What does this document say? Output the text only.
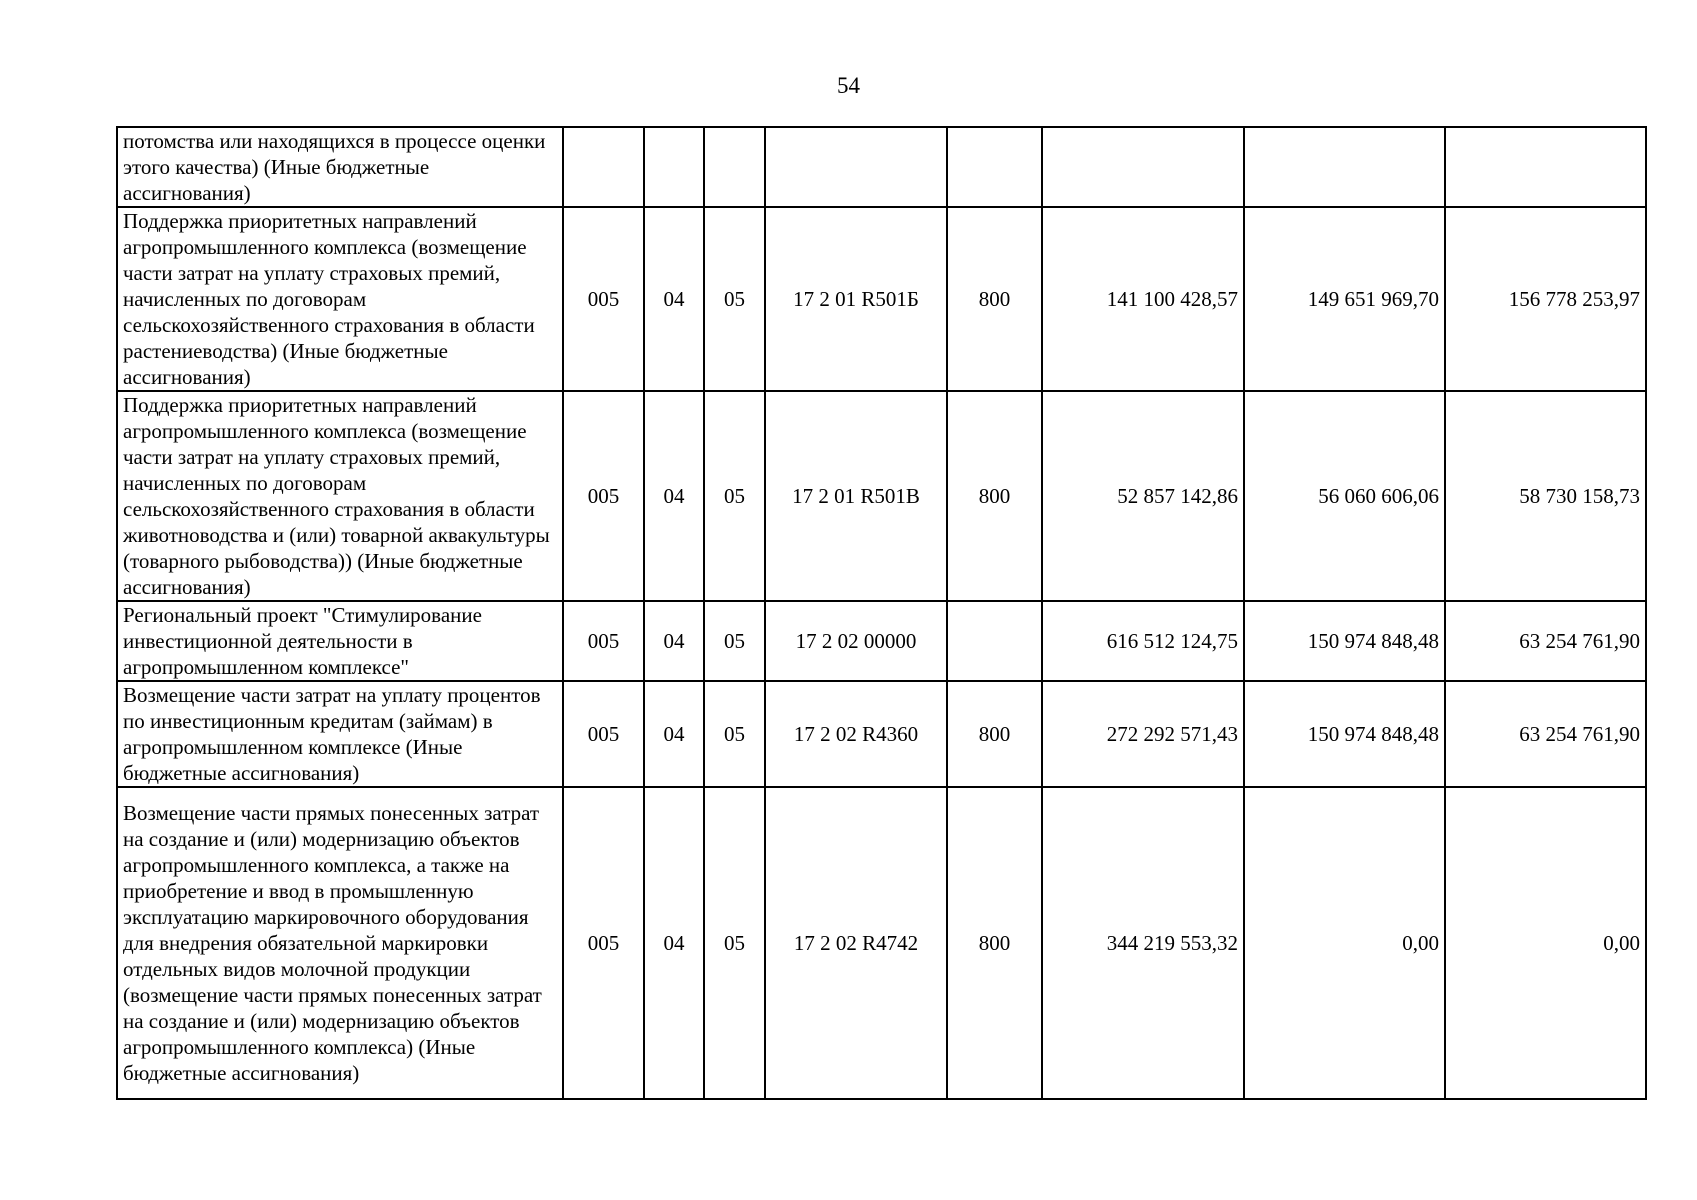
54
потомства или находящихся в процессе оценки этого качества) (Иные бюджетные ассигнования)								
Поддержка приоритетных направлений агропромышленного комплекса (возмещение части затрат на уплату страховых премий, начисленных по договорам сельскохозяйственного страхования в области растениеводства) (Иные бюджетные ассигнования)	005	04	05	17 2 01 R501Б	800	141 100 428,57	149 651 969,70	156 778 253,97
Поддержка приоритетных направлений агропромышленного комплекса (возмещение части затрат на уплату страховых премий, начисленных по договорам сельскохозяйственного страхования в области животноводства и (или) товарной аквакультуры (товарного рыбоводства)) (Иные бюджетные ассигнования)	005	04	05	17 2 01 R501В	800	52 857 142,86	56 060 606,06	58 730 158,73
Региональный проект "Стимулирование инвестиционной деятельности в агропромышленном комплексе"	005	04	05	17 2 02 00000		616 512 124,75	150 974 848,48	63 254 761,90
Возмещение части затрат на уплату процентов по инвестиционным кредитам (займам) в агропромышленном комплексе (Иные бюджетные ассигнования)	005	04	05	17 2 02 R4360	800	272 292 571,43	150 974 848,48	63 254 761,90
Возмещение части прямых понесенных затрат на создание и (или) модернизацию объектов агропромышленного комплекса, а также на приобретение и ввод в промышленную эксплуатацию маркировочного оборудования для внедрения обязательной маркировки отдельных видов молочной продукции (возмещение части прямых понесенных затрат на создание и (или) модернизацию объектов агропромышленного комплекса) (Иные бюджетные ассигнования)	005	04	05	17 2 02 R4742	800	344 219 553,32	0,00	0,00
